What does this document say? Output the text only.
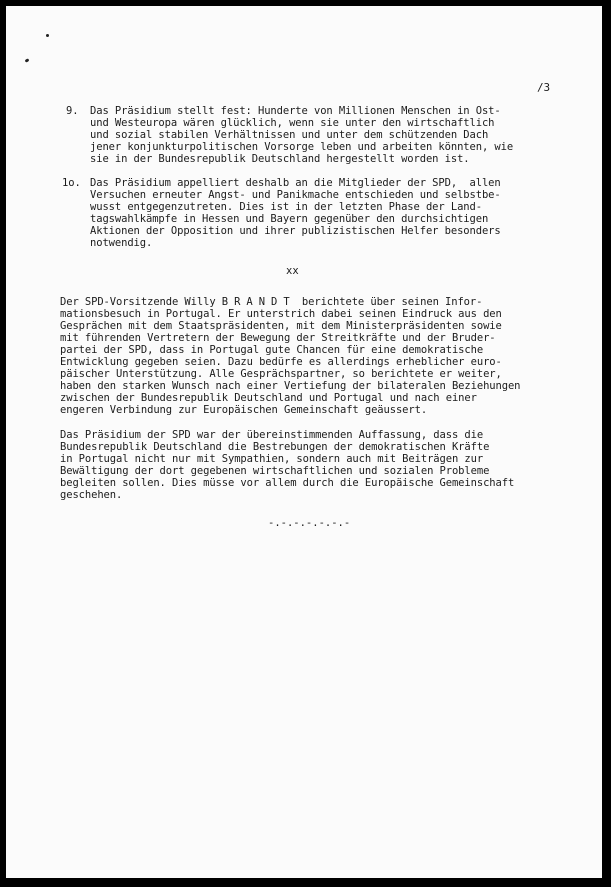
/3
9. Das Präsidium stellt fest: Hunderte von Millionen Menschen in Ost-
und Westeuropa wären glücklich, wenn sie unter den wirtschaftlich
und sozial stabilen Verhältnissen und unter dem schützenden Dach
jener konjunkturpolitischen Vorsorge leben und arbeiten könnten, wie
sie in der Bundesrepublik Deutschland hergestellt worden ist.
1o. Das Präsidium appelliert deshalb an die Mitglieder der SPD,  allen
Versuchen erneuter Angst- und Panikmache entschieden und selbstbe-
wusst entgegenzutreten. Dies ist in der letzten Phase der Land-
tagswahlkämpfe in Hessen und Bayern gegenüber den durchsichtigen
Aktionen der Opposition und ihrer publizistischen Helfer besonders
notwendig.
xx
Der SPD-Vorsitzende Willy BRANDT berichtete über seinen Infor-
mationsbesuch in Portugal. Er unterstrich dabei seinen Eindruck aus den
Gesprächen mit dem Staatspräsidenten, mit dem Ministerpräsidenten sowie
mit führenden Vertretern der Bewegung der Streitkräfte und der Bruder-
partei der SPD, dass in Portugal gute Chancen für eine demokratische
Entwicklung gegeben seien. Dazu bedürfe es allerdings erheblicher euro-
päischer Unterstützung. Alle Gesprächspartner, so berichtete er weiter,
haben den starken Wunsch nach einer Vertiefung der bilateralen Beziehungen
zwischen der Bundesrepublik Deutschland und Portugal und nach einer
engeren Verbindung zur Europäischen Gemeinschaft geäussert.
Das Präsidium der SPD war der übereinstimmenden Auffassung, dass die
Bundesrepublik Deutschland die Bestrebungen der demokratischen Kräfte
in Portugal nicht nur mit Sympathien, sondern auch mit Beiträgen zur
Bewältigung der dort gegebenen wirtschaftlichen und sozialen Probleme
begleiten sollen. Dies müsse vor allem durch die Europäische Gemeinschaft
geschehen.
-.-.-.-.-.-.-
